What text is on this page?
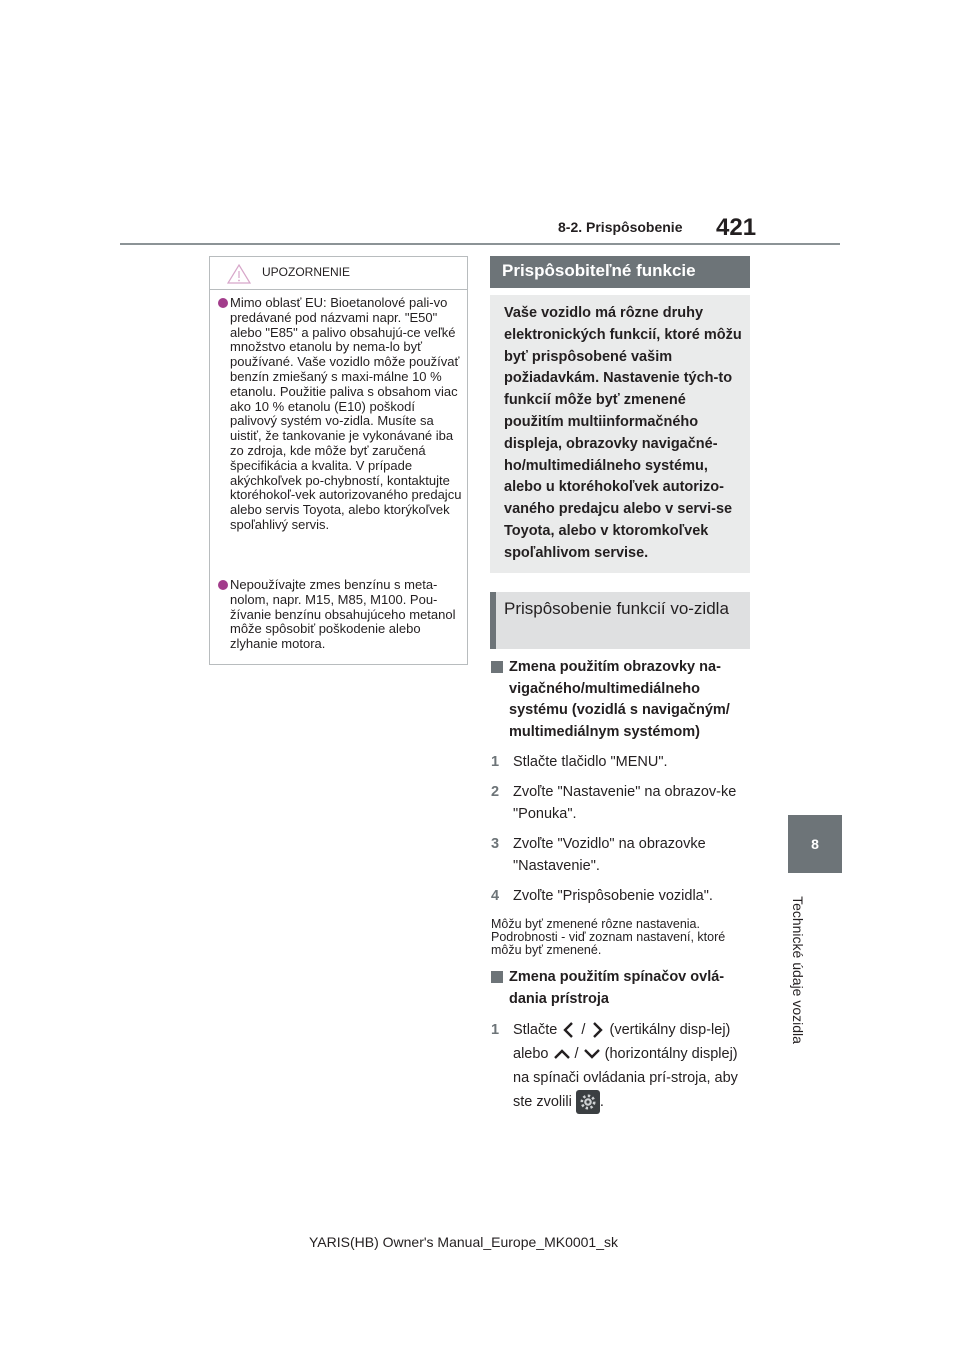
8-2. Prispôsobenie 421
8
Technické údaje vozidla
UPOZORNENIE
Mimo oblasť EU: Bioetanolové pali-vo predávané pod názvami napr. "E50" alebo "E85" a palivo obsahujú-ce veľké množstvo etanolu by nema-lo byť používané. Vaše vozidlo môže používať benzín zmiešaný s maxi-málne 10 % etanolu. Použitie paliva s obsahom viac ako 10 % etanolu (E10) poškodí palivový systém vo-zidla. Musíte sa uistiť, že tankovanie je vykonávané iba zo zdroja, kde môže byť zaručená špecifikácia a kvalita. V prípade akýchkoľvek po-chybností, kontaktujte ktoréhokoľ-vek autorizovaného predajcu alebo servis Toyota, alebo ktorýkoľvek spoľahlivý servis.
Nepoužívajte zmes benzínu s meta-nolom, napr. M15, M85, M100. Pou-žívanie benzínu obsahujúceho metanol môže spôsobiť poškodenie alebo zlyhanie motora.
Prispôsobiteľné funkcie

Vaše vozidlo má rôzne druhy elektronických funkcií, ktoré môžu byť prispôsobené vašim požiadavkám. Nastavenie tých-to funkcií môže byť zmenené použitím multiinformačného displeja, obrazovky navigačné-ho/multimediálneho systému, alebo u ktoréhokoľvek autorizo-vaného predajcu alebo v servi-se Toyota, alebo v ktoromkoľvek spoľahlivom servise.

Prispôsobenie funkcií vo-zidla
Zmena použitím obrazovky na-vigačného/multimediálneho systému (vozidlá s navigačným/ multimediálnym systémom)
1 Stlačte tlačidlo "MENU".
2 Zvoľte "Nastavenie" na obrazov-ke "Ponuka".
3 Zvoľte "Vozidlo" na obrazovke "Nastavenie".
4 Zvoľte "Prispôsobenie vozidla".
Môžu byť zmenené rôzne nastavenia. Podrobnosti - viď zoznam nastavení, ktoré môžu byť zmenené.
Zmena použitím spínačov ovlá-dania prístroja
1 Stlačte / (vertikálny disp-lej) alebo / (horizontálny displej) na spínači ovládania prí-stroja, aby ste zvolili .
YARIS(HB) Owner's Manual_Europe_MK0001_sk
